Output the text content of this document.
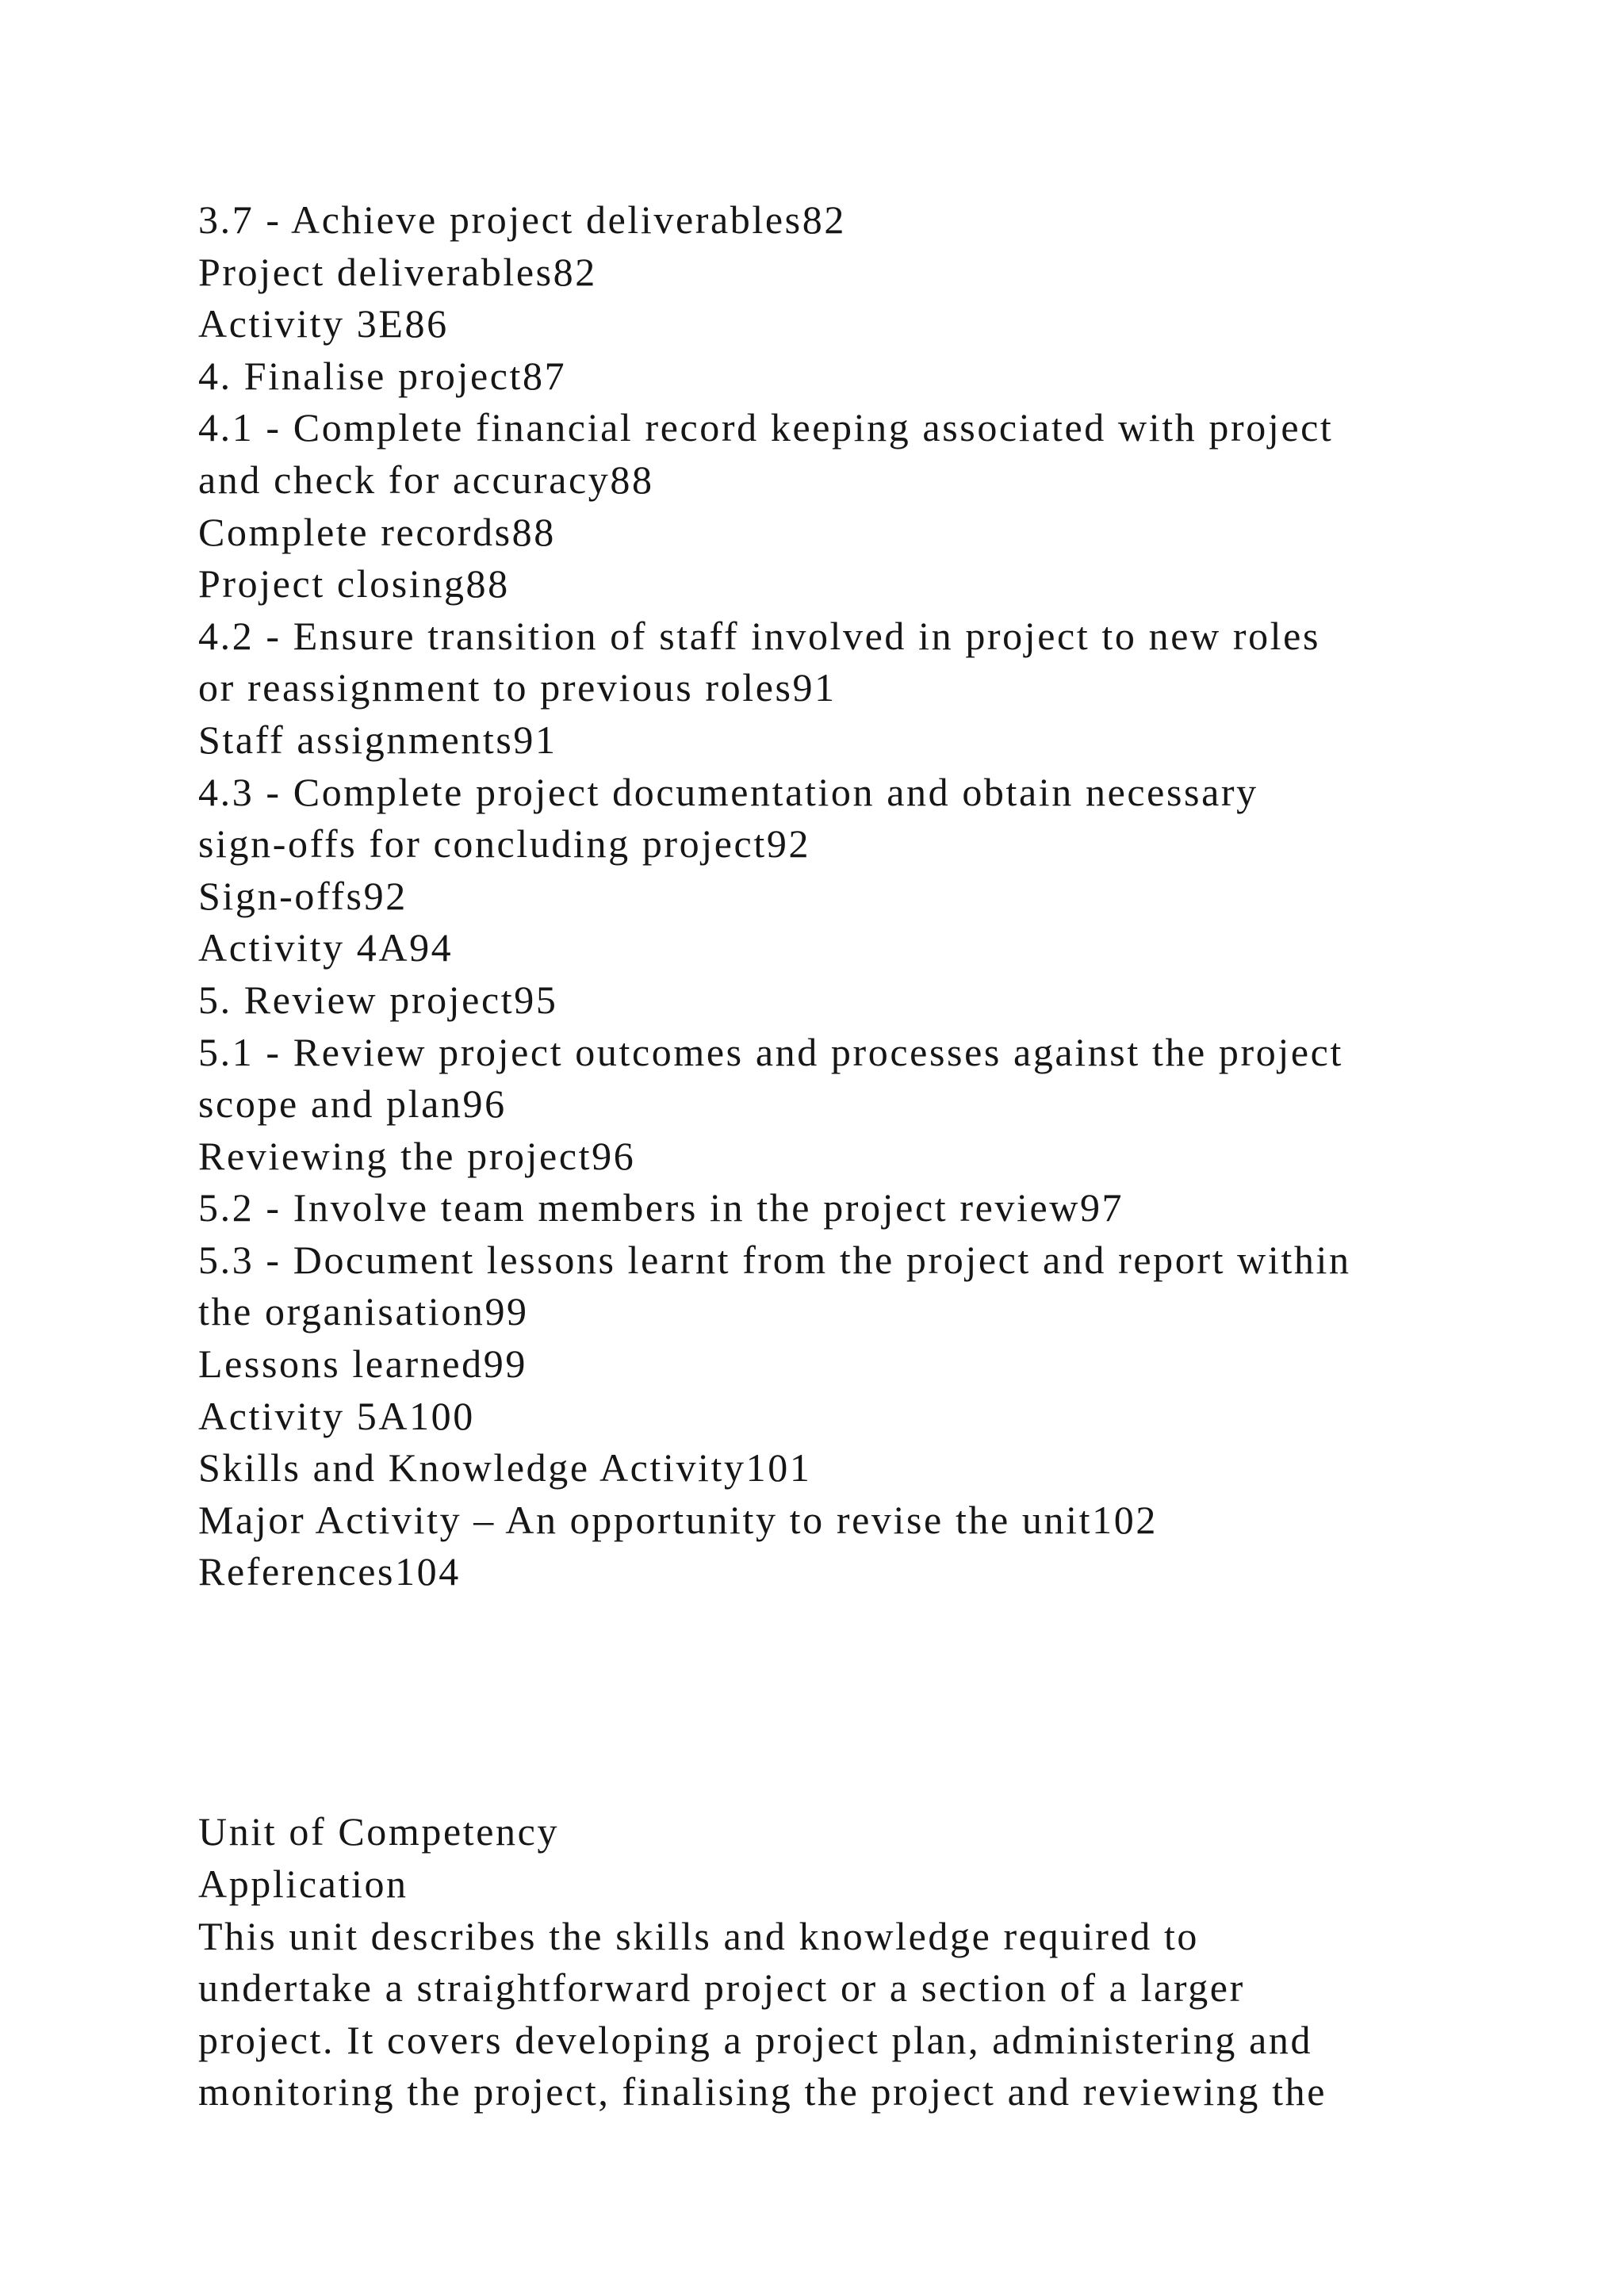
3.7 - Achieve project deliverables82
Project deliverables82
Activity 3E86
4. Finalise project87
4.1 - Complete financial record keeping associated with project
and check for accuracy88
Complete records88
Project closing88
4.2 - Ensure transition of staff involved in project to new roles
or reassignment to previous roles91
Staff assignments91
4.3 - Complete project documentation and obtain necessary
sign-offs for concluding project92
Sign-offs92
Activity 4A94
5. Review project95
5.1 - Review project outcomes and processes against the project
scope and plan96
Reviewing the project96
5.2 - Involve team members in the project review97
5.3 - Document lessons learnt from the project and report within
the organisation99
Lessons learned99
Activity 5A100
Skills and Knowledge Activity101
Major Activity – An opportunity to revise the unit102
References104
Unit of Competency
Application
This unit describes the skills and knowledge required to
undertake a straightforward project or a section of a larger
project. It covers developing a project plan, administering and
monitoring the project, finalising the project and reviewing the
